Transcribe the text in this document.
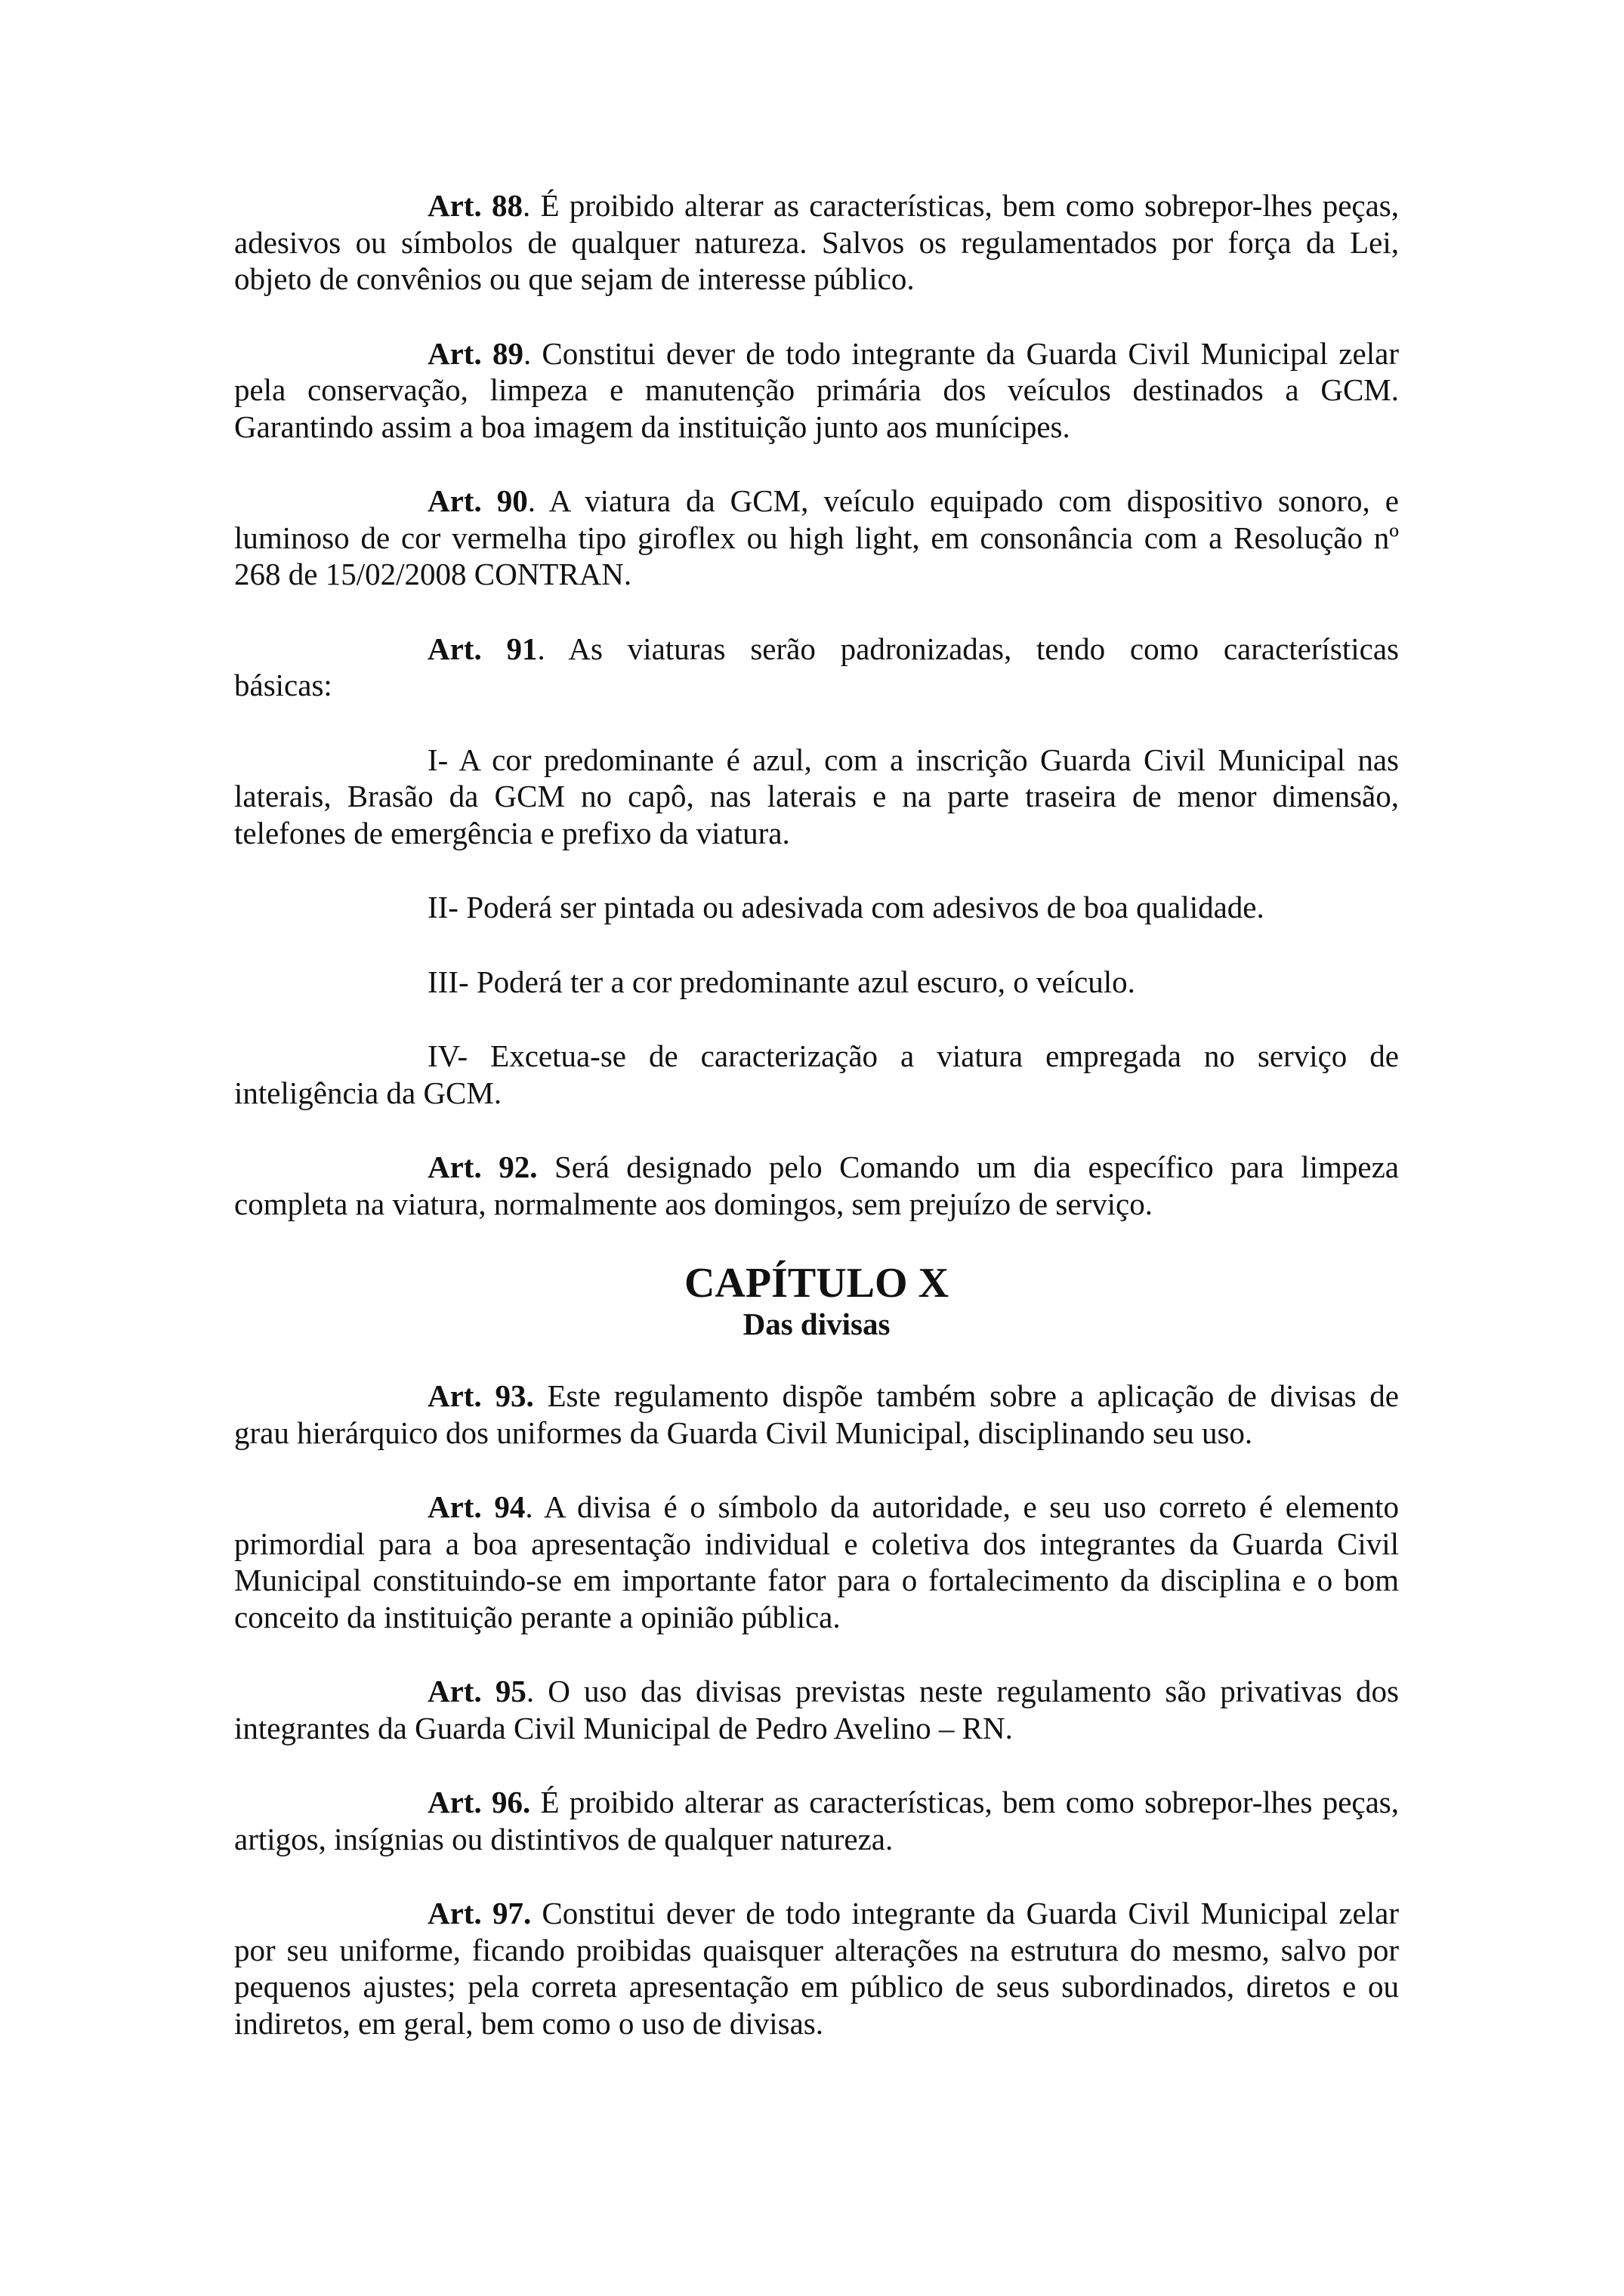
Art. 88. É proibido alterar as características, bem como sobrepor-lhes peças, adesivos ou símbolos de qualquer natureza. Salvos os regulamentados por força da Lei, objeto de convênios ou que sejam de interesse público.

Art. 89. Constitui dever de todo integrante da Guarda Civil Municipal zelar pela conservação, limpeza e manutenção primária dos veículos destinados a GCM. Garantindo assim a boa imagem da instituição junto aos munícipes.

Art. 90. A viatura da GCM, veículo equipado com dispositivo sonoro, e luminoso de cor vermelha tipo giroflex ou high light, em consonância com a Resolução nº 268 de 15/02/2008 CONTRAN.

Art. 91. As viaturas serão padronizadas, tendo como características
básicas:

I- A cor predominante é azul, com a inscrição Guarda Civil Municipal nas laterais, Brasão da GCM no capô, nas laterais e na parte traseira de menor dimensão, telefones de emergência e prefixo da viatura.

II- Poderá ser pintada ou adesivada com adesivos de boa qualidade.

III- Poderá ter a cor predominante azul escuro, o veículo.

IV- Excetua-se de caracterização a viatura empregada no serviço de inteligência da GCM.

Art. 92. Será designado pelo Comando um dia específico para limpeza completa na viatura, normalmente aos domingos, sem prejuízo de serviço.

CAPÍTULO X
Das divisas

Art. 93. Este regulamento dispõe também sobre a aplicação de divisas de grau hierárquico dos uniformes da Guarda Civil Municipal, disciplinando seu uso.

Art. 94. A divisa é o símbolo da autoridade, e seu uso correto é elemento primordial para a boa apresentação individual e coletiva dos integrantes da Guarda Civil Municipal constituindo-se em importante fator para o fortalecimento da disciplina e o bom conceito da instituição perante a opinião pública.

Art. 95. O uso das divisas previstas neste regulamento são privativas dos integrantes da Guarda Civil Municipal de Pedro Avelino – RN.

Art. 96. É proibido alterar as características, bem como sobrepor-lhes peças, artigos, insígnias ou distintivos de qualquer natureza.

Art. 97. Constitui dever de todo integrante da Guarda Civil Municipal zelar por seu uniforme, ficando proibidas quaisquer alterações na estrutura do mesmo, salvo por pequenos ajustes; pela correta apresentação em público de seus subordinados, diretos e ou indiretos, em geral, bem como o uso de divisas.
